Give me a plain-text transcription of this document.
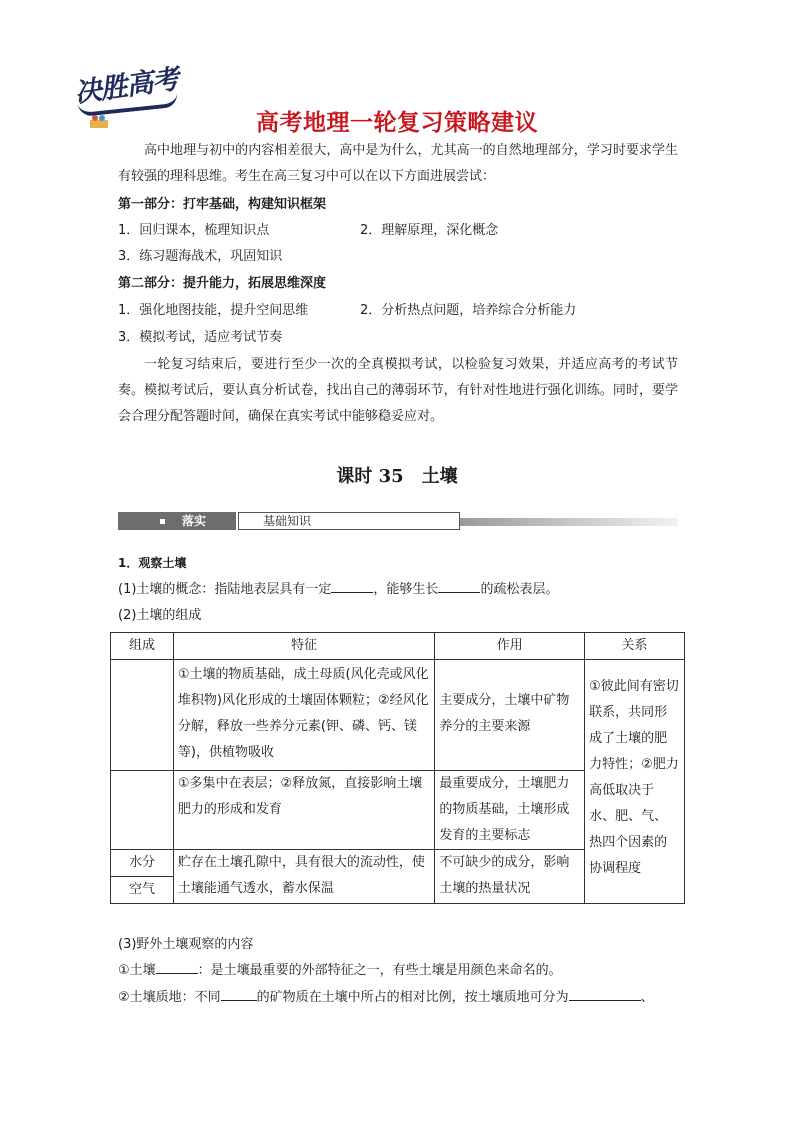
决胜高考
高考地理一轮复习策略建议
高中地理与初中的内容相差很大，高中是为什么，尤其高一的自然地理部分，学习时要求学生有较强的理科思维。考生在高三复习中可以在以下方面进展尝试：
第一部分：打牢基础，构建知识框架
1．回归课本，梳理知识点	2．理解原理，深化概念
3．练习题海战术，巩固知识
第二部分：提升能力，拓展思维深度
1．强化地图技能，提升空间思维	2．分析热点问题，培养综合分析能力
3．模拟考试，适应考试节奏
一轮复习结束后，要进行至少一次的全真模拟考试，以检验复习效果，并适应高考的考试节奏。模拟考试后，要认真分析试卷，找出自己的薄弱环节，有针对性地进行强化训练。同时，要学会合理分配答题时间，确保在真实考试中能够稳妥应对。
课时 35　土壤
落实	基础知识
1．观察土壤
(1)土壤的概念：指陆地表层具有一定	，能够生长	的疏松表层。
(2)土壤的组成
组成	特征	作用	关系
	①土壤的物质基础，成土母质(风化壳或风化堆积物)风化形成的土壤固体颗粒；②经风化分解，释放一些养分元素(钾、磷、钙、镁等)，供植物吸收	主要成分，土壤中矿物养分的主要来源	①彼此间有密切联系，共同形成了土壤的肥力特性；②肥力高低取决于水、肥、气、热四个因素的协调程度
	①多集中在表层；②释放氮，直接影响土壤肥力的形成和发育	最重要成分，土壤肥力的物质基础，土壤形成发育的主要标志	
水分	贮存在土壤孔隙中，具有很大的流动性，使土壤能通气透水，蓄水保温	不可缺少的成分，影响土壤的热量状况	
空气			
(3)野外土壤观察的内容
①土壤	：是土壤最重要的外部特征之一，有些土壤是用颜色来命名的。
②土壤质地：不同	的矿物质在土壤中所占的相对比例，按土壤质地可分为	、
